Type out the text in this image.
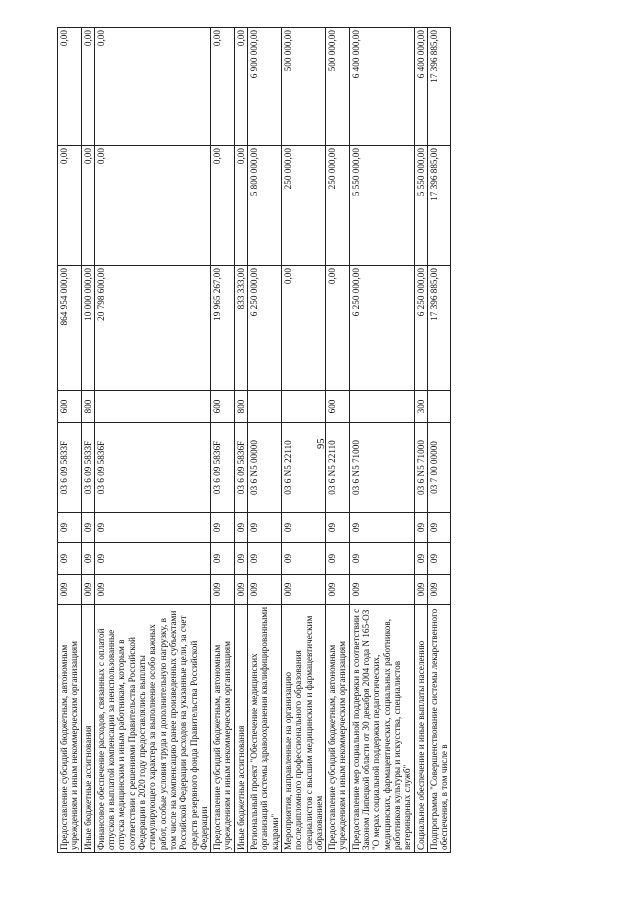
95
Предоставление субсидий бюджетным, автономным учреждениям и иным некоммерческим организациям	009	09	09	03 6 09 5833F	600	864 954 000,00	0,00	0,00
Иные бюджетные ассигнования	009	09	09	03 6 09 5833F	800	10 000 000,00	0,00	0,00
Финансовое обеспечение расходов, связанных с оплатой отпусков и выплатой компенсации за неиспользованные отпуска медицинским и иным работникам, которым в соответствии с решениями Правительства Российской Федерации в 2020 году предоставлялись выплаты стимулирующего характера за выполнение особо важных работ, особые условия труда и дополнительную нагрузку, в том числе на компенсацию ранее произведенных субъектами Российской Федерации расходов на указанные цели, за счет средств резервного фонда Правительства Российской Федерации	009	09	09	03 6 09 5836F		20 798 600,00	0,00	0,00
Предоставление субсидий бюджетным, автономным учреждениям и иным некоммерческим организациям	009	09	09	03 6 09 5836F	600	19 965 267,00	0,00	0,00
Иные бюджетные ассигнования	009	09	09	03 6 09 5836F	800	833 333,00	0,00	0,00
Региональный проект "Обеспечение медицинских организаций системы здравоохранения квалифицированными кадрами"	009	09	09	03 6 N5 00000		6 250 000,00	5 800 000,00	6 900 000,00
Мероприятия, направленные на организацию последипломного профессионального образования специалистов с высшим медицинским и фармацевтическим образованием	009	09	09	03 6 N5 22110		0,00	250 000,00	500 000,00
Предоставление субсидий бюджетным, автономным учреждениям и иным некоммерческим организациям	009	09	09	03 6 N5 22110	600	0,00	250 000,00	500 000,00
Предоставление мер социальной поддержки в соответствии с Законом Липецкой области от 30 декабря 2004 года N 165-ОЗ "О мерах социальной поддержки педагогических, медицинских, фармацевтических, социальных работников, работников культуры и искусства, специалистов ветеринарных служб"	009	09	09	03 6 N5 71000		6 250 000,00	5 550 000,00	6 400 000,00
Социальное обеспечение и иные выплаты населению	009	09	09	03 6 N5 71000	300	6 250 000,00	5 550 000,00	6 400 000,00
Подпрограмма "Совершенствование системы лекарственного обеспечения, в том числе в	009	09	09	03 7 00 00000		17 396 885,00	17 396 885,00	17 396 885,00
